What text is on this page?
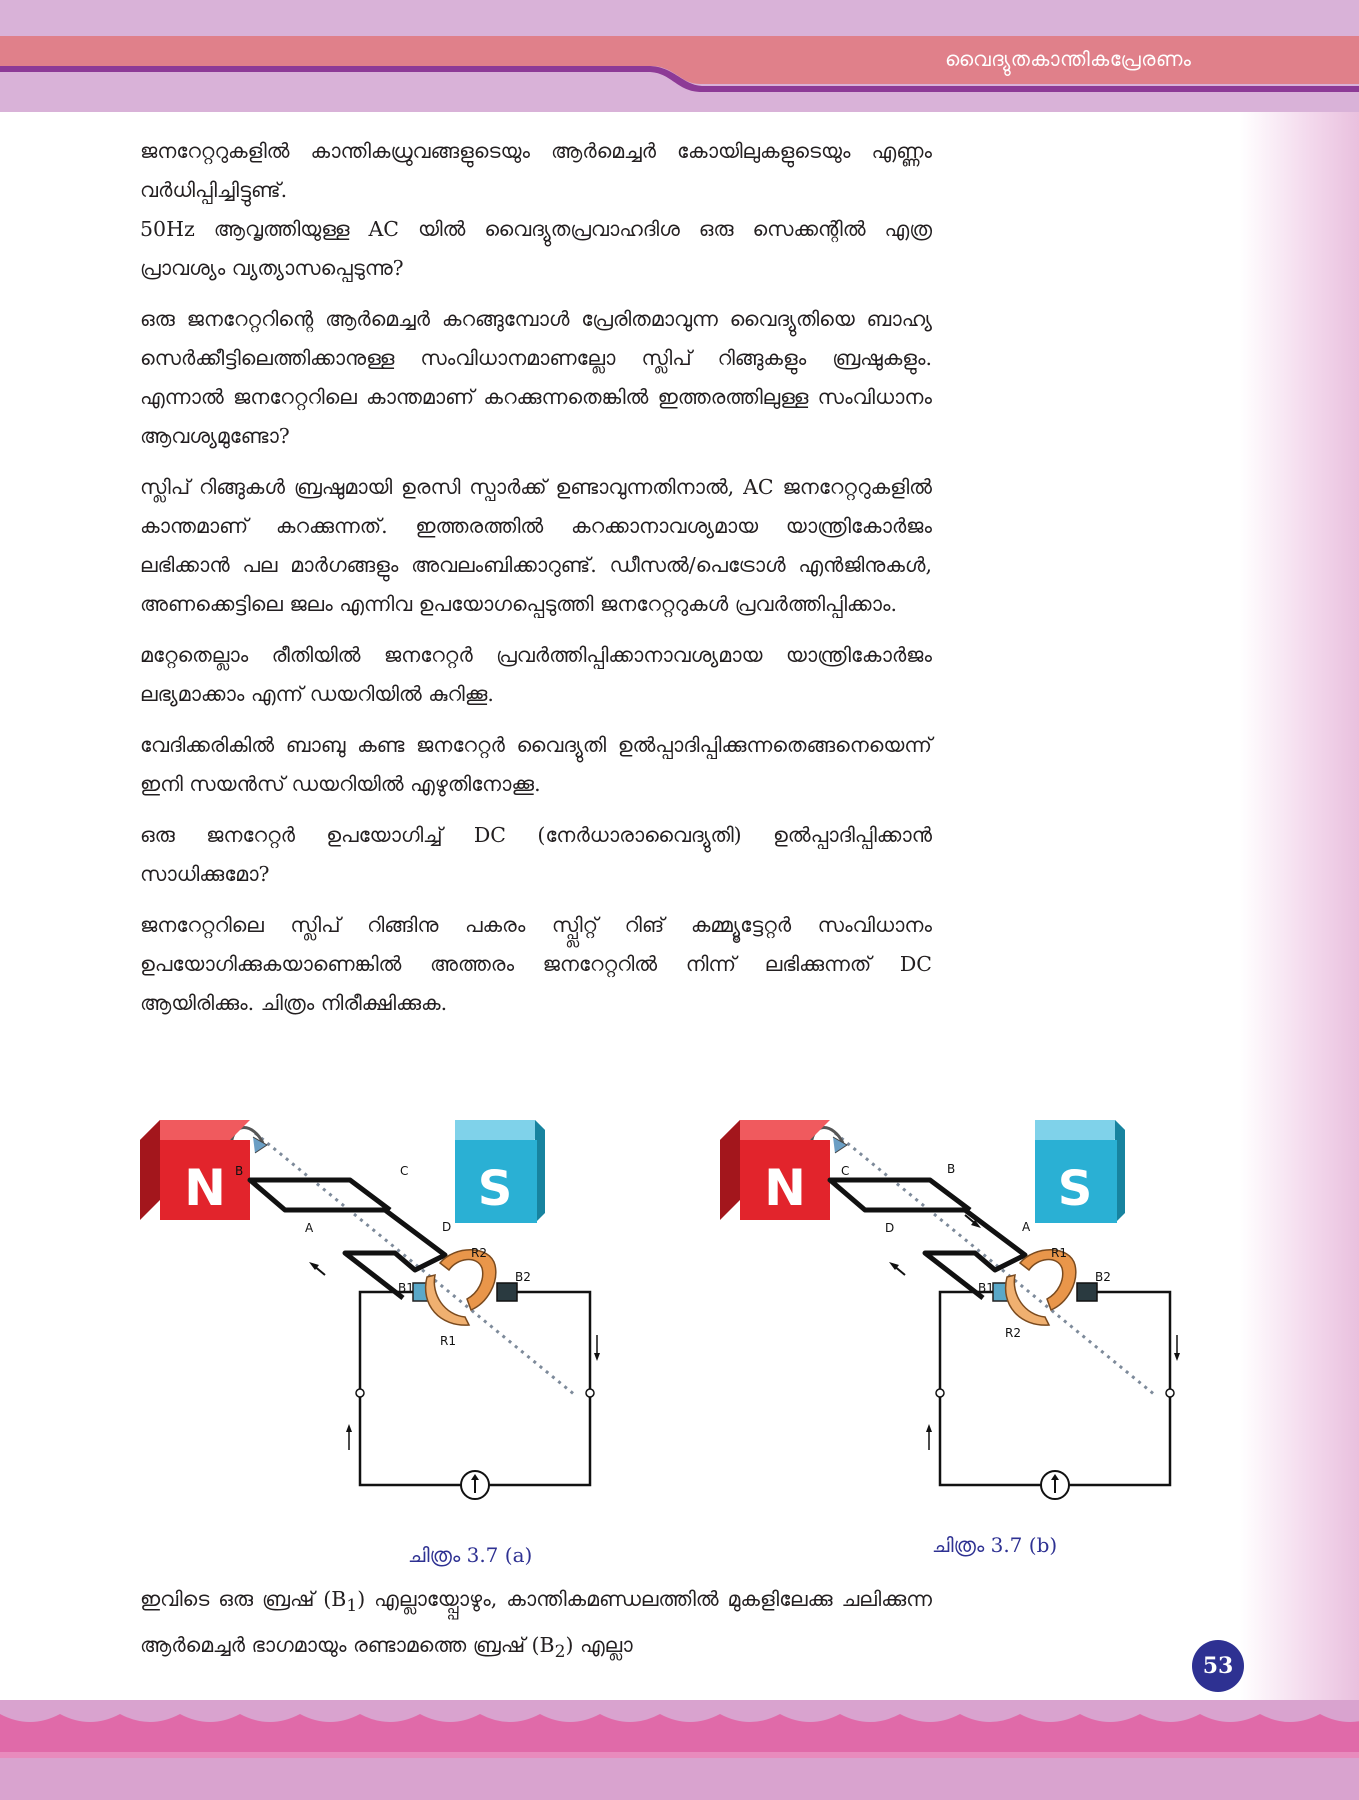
വൈദ്യുതകാന്തികപ്രേരണം

ജനറേറ്ററുകളിൽ കാന്തികധ്രുവങ്ങളുടെയും ആർമെച്ചർ കോയിലുകളുടെയും എണ്ണം വർധിപ്പിച്ചിട്ടുണ്ട്.

50Hz ആവൃത്തിയുള്ള AC യിൽ വൈദ്യുതപ്രവാഹദിശ ഒരു സെക്കന്റിൽ എത്ര പ്രാവശ്യം വ്യത്യാസപ്പെടുന്നു?

ഒരു ജനറേറ്ററിന്റെ ആർമെച്ചർ കറങ്ങുമ്പോൾ പ്രേരിതമാവുന്ന വൈദ്യുതിയെ ബാഹ്യ സെർക്കീട്ടിലെത്തിക്കാനുള്ള സംവിധാനമാണല്ലോ സ്ലിപ് റിങ്ങുകളും ബ്രഷുകളും. എന്നാൽ ജനറേറ്ററിലെ കാന്തമാണ് കറക്കുന്നതെങ്കിൽ ഇത്തരത്തിലുള്ള സംവിധാനം ആവശ്യമുണ്ടോ?

സ്ലിപ് റിങ്ങുകൾ ബ്രഷുമായി ഉരസി സ്പാർക്ക് ഉണ്ടാവുന്നതിനാൽ, AC ജനറേറ്ററുകളിൽ കാന്തമാണ് കറക്കുന്നത്. ഇത്തരത്തിൽ കറക്കാനാവശ്യമായ യാന്ത്രികോർജം ലഭിക്കാൻ പല മാർഗങ്ങളും അവലംബിക്കാറുണ്ട്. ഡീസൽ/പെട്രോൾ എൻജിനുകൾ, അണക്കെട്ടിലെ ജലം എന്നിവ ഉപയോഗപ്പെടുത്തി ജനറേറ്ററുകൾ പ്രവർത്തിപ്പിക്കാം.

മറ്റേതെല്ലാം രീതിയിൽ ജനറേറ്റർ പ്രവർത്തിപ്പിക്കാനാവശ്യമായ യാന്ത്രികോർജം ലഭ്യമാക്കാം എന്ന് ഡയറിയിൽ കുറിക്കൂ.

വേദിക്കരികിൽ ബാബു കണ്ട ജനറേറ്റർ വൈദ്യുതി ഉൽപ്പാദിപ്പിക്കുന്നതെങ്ങനെയെന്ന് ഇനി സയൻസ് ഡയറിയിൽ എഴുതിനോക്കൂ.

ഒരു ജനറേറ്റർ ഉപയോഗിച്ച് DC (നേർധാരാവൈദ്യുതി) ഉൽപ്പാദിപ്പിക്കാൻ സാധിക്കുമോ?

ജനറേറ്ററിലെ സ്ലിപ് റിങ്ങിനു പകരം സ്പ്ലിറ്റ് റിങ് കമ്മ്യൂട്ടേറ്റർ സംവിധാനം ഉപയോഗിക്കുകയാണെങ്കിൽ അത്തരം ജനറേറ്ററിൽ നിന്ന് ലഭിക്കുന്നത് DC ആയിരിക്കും. ചിത്രം നിരീക്ഷിക്കുക.

N	S
B	C
A	D
B1
B2
R2
R1
ചിത്രം 3.7 (a)
N	S
C	B
D	A
B1
B2
R1
R2
ചിത്രം 3.7 (b)

ഇവിടെ ഒരു ബ്രഷ് $(B_1)$ എല്ലായ്പ്പോഴും, കാന്തികമണ്ഡലത്തിൽ മുകളിലേക്കു ചലിക്കുന്ന ആർമെച്ചർ ഭാഗമായും രണ്ടാമത്തെ ബ്രഷ് $(B_2)$ എല്ലാ

53
